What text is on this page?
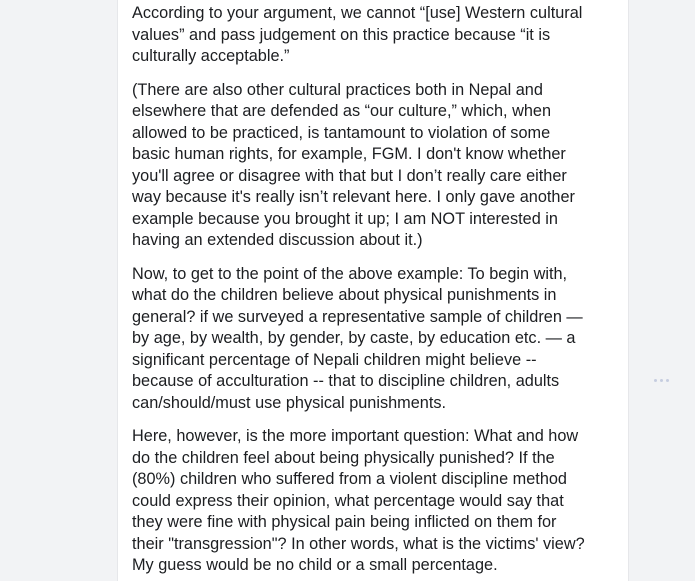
According to your argument, we cannot “[use] Western cultural
values” and pass judgement on this practice because “it is
culturally acceptable.”

(There are also other cultural practices both in Nepal and
elsewhere that are defended as “our culture,” which, when
allowed to be practiced, is tantamount to violation of some
basic human rights, for example, FGM. I don't know whether
you'll agree or disagree with that but I don’t really care either
way because it's really isn’t relevant here. I only gave another
example because you brought it up; I am NOT interested in
having an extended discussion about it.)

Now, to get to the point of the above example: To begin with,
what do the children believe about physical punishments in
general? if we surveyed a representative sample of children —
by age, by wealth, by gender, by caste, by education etc. — a
significant percentage of Nepali children might believe --
because of acculturation -- that to discipline children, adults
can/should/must use physical punishments.

Here, however, is the more important question: What and how
do the children feel about being physically punished? If the
(80%) children who suffered from a violent discipline method
could express their opinion, what percentage would say that
they were fine with physical pain being inflicted on them for
their "transgression"? In other words, what is the victims' view?
My guess would be no child or a small percentage.
